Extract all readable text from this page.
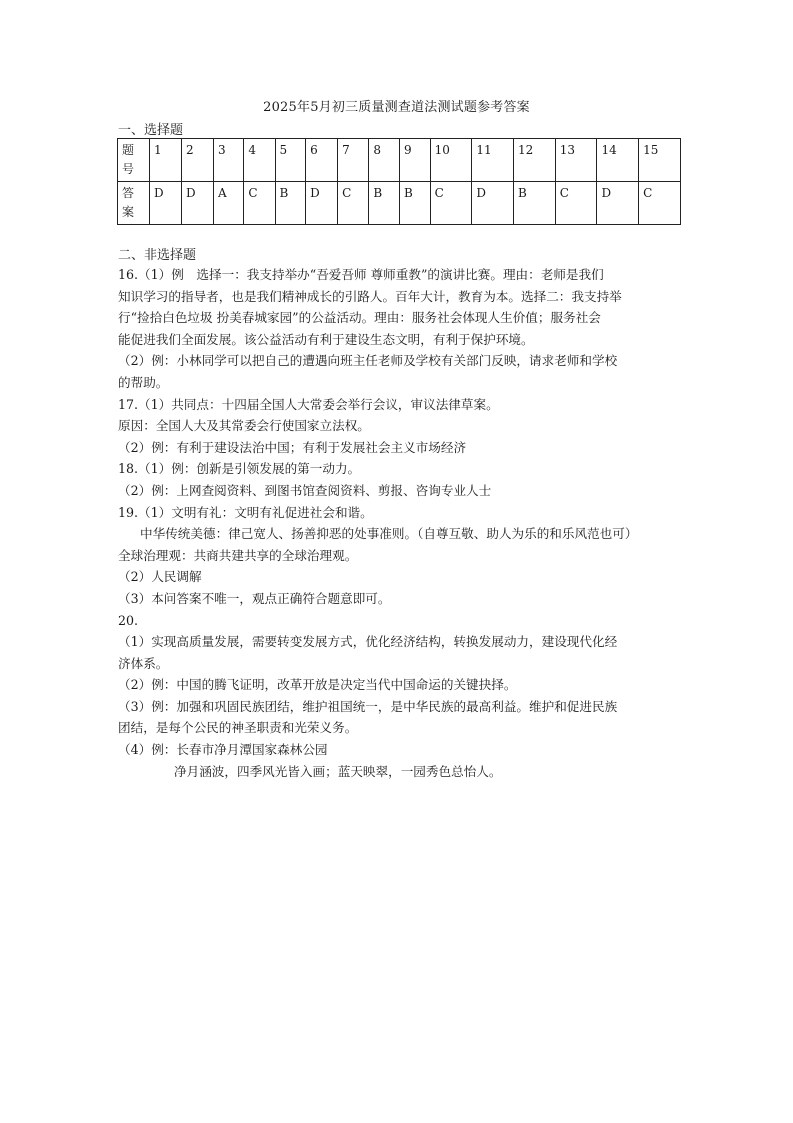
2025年5月初三质量测查道法测试题参考答案
一、选择题
题
号	1	2	3	4	5	6	7	8	9	10	11	12	13	14	15

答
案	D	D	A	C	B	D	C	B	B	C	D	B	C	D	C
二、非选择题
16.（1）例　选择一：我支持举办“吾爱吾师 尊师重教”的演讲比赛。理由：老师是我们
知识学习的指导者，也是我们精神成长的引路人。百年大计，教育为本。选择二：我支持举
行“捡拾白色垃圾 扮美春城家园”的公益活动。理由：服务社会体现人生价值；服务社会
能促进我们全面发展。该公益活动有利于建设生态文明，有利于保护环境。
（2）例：小林同学可以把自己的遭遇向班主任老师及学校有关部门反映，请求老师和学校
的帮助。
17.（1）共同点：十四届全国人大常委会举行会议，审议法律草案。
原因：全国人大及其常委会行使国家立法权。
（2）例：有利于建设法治中国；有利于发展社会主义市场经济
18.（1）例：创新是引领发展的第一动力。
（2）例：上网查阅资料、到图书馆查阅资料、剪报、咨询专业人士
19.（1）文明有礼：文明有礼促进社会和谐。
中华传统美德：律己宽人、扬善抑恶的处事准则。（自尊互敬、助人为乐的和乐风范也可）
全球治理观：共商共建共享的全球治理观。
（2）人民调解
（3）本问答案不唯一，观点正确符合题意即可。
20.
（1）实现高质量发展，需要转变发展方式，优化经济结构，转换发展动力，建设现代化经
济体系。
（2）例：中国的腾飞证明，改革开放是决定当代中国命运的关键抉择。
（3）例：加强和巩固民族团结，维护祖国统一，是中华民族的最高利益。维护和促进民族
团结，是每个公民的神圣职责和光荣义务。
（4）例：长春市净月潭国家森林公园
净月涵波，四季风光皆入画；蓝天映翠，一园秀色总怡人。
